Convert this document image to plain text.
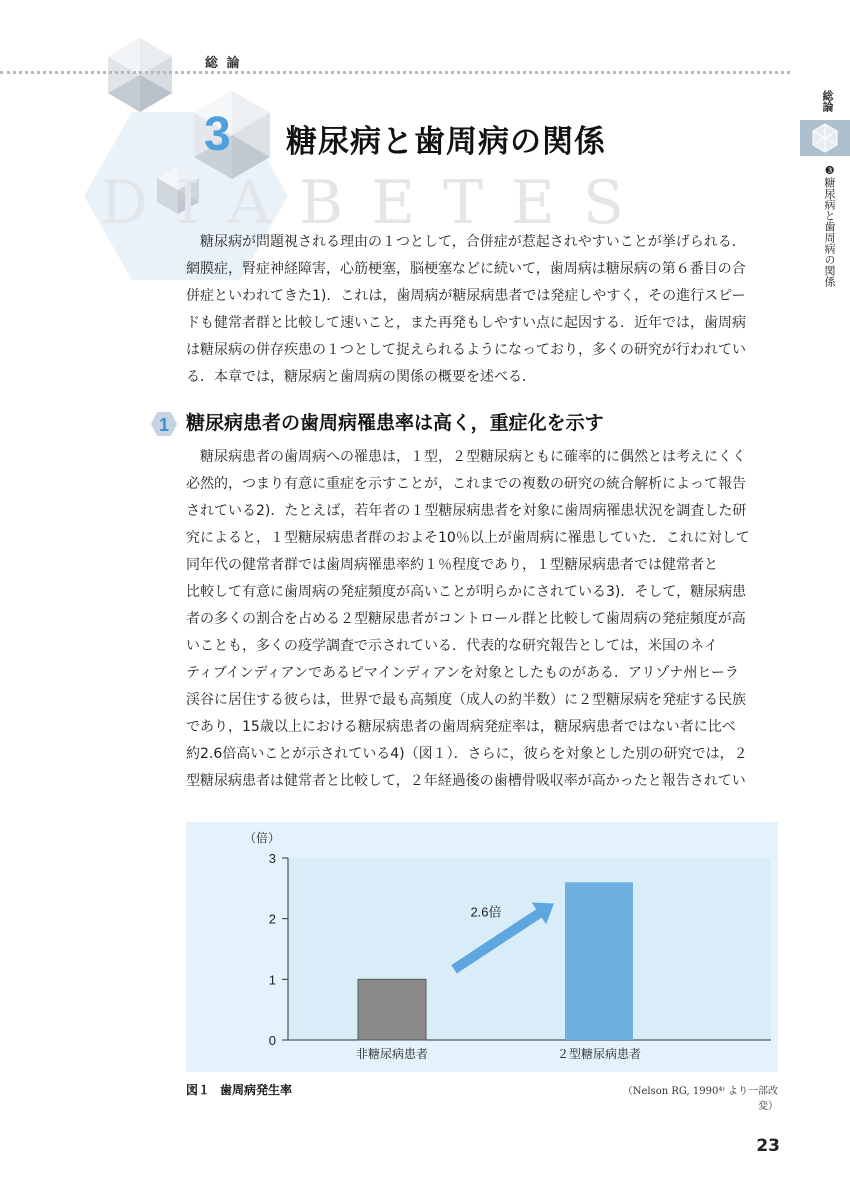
DIABETES
総 論
3 糖尿病と歯周病の関係
総論
❸糖尿病と歯周病の関係
糖尿病が問題視される理由の１つとして，合併症が惹起されやすいことが挙げられる．
網膜症，腎症神経障害，心筋梗塞，脳梗塞などに続いて，歯周病は糖尿病の第６番目の合
併症といわれてきた1)．これは，歯周病が糖尿病患者では発症しやすく，その進行スピー
ドも健常者群と比較して速いこと，また再発もしやすい点に起因する．近年では，歯周病
は糖尿病の併存疾患の１つとして捉えられるようになっており，多くの研究が行われてい
る．本章では，糖尿病と歯周病の関係の概要を述べる．
1 糖尿病患者の歯周病罹患率は高く，重症化を示す
糖尿病患者の歯周病への罹患は，１型，２型糖尿病ともに確率的に偶然とは考えにくく
必然的，つまり有意に重症を示すことが，これまでの複数の研究の統合解析によって報告
されている2)．たとえば，若年者の１型糖尿病患者を対象に歯周病罹患状況を調査した研
究によると，１型糖尿病患者群のおよそ10％以上が歯周病に罹患していた．これに対して
同年代の健常者群では歯周病罹患率約１％程度であり，１型糖尿病患者では健常者と
比較して有意に歯周病の発症頻度が高いことが明らかにされている3)．そして，糖尿病患
者の多くの割合を占める２型糖尿患者がコントロール群と比較して歯周病の発症頻度が高
いことも，多くの疫学調査で示されている．代表的な研究報告としては，米国のネイ
ティブインディアンであるピマインディアンを対象としたものがある．アリゾナ州ヒーラ
渓谷に居住する彼らは，世界で最も高頻度（成人の約半数）に２型糖尿病を発症する民族
であり，15歳以上における糖尿病患者の歯周病発症率は，糖尿病患者ではない者に比べ
約2.6倍高いことが示されている4)（図１）．さらに，彼らを対象とした別の研究では，２
型糖尿病患者は健常者と比較して，２年経過後の歯槽骨吸収率が高かったと報告されてい
0
1
2
3
（倍）
非糖尿病患者	２型糖尿病患者
2.6倍
図１ 歯周病発生率	（Nelson RG, 1990⁴⁾ より一部改変）
23
